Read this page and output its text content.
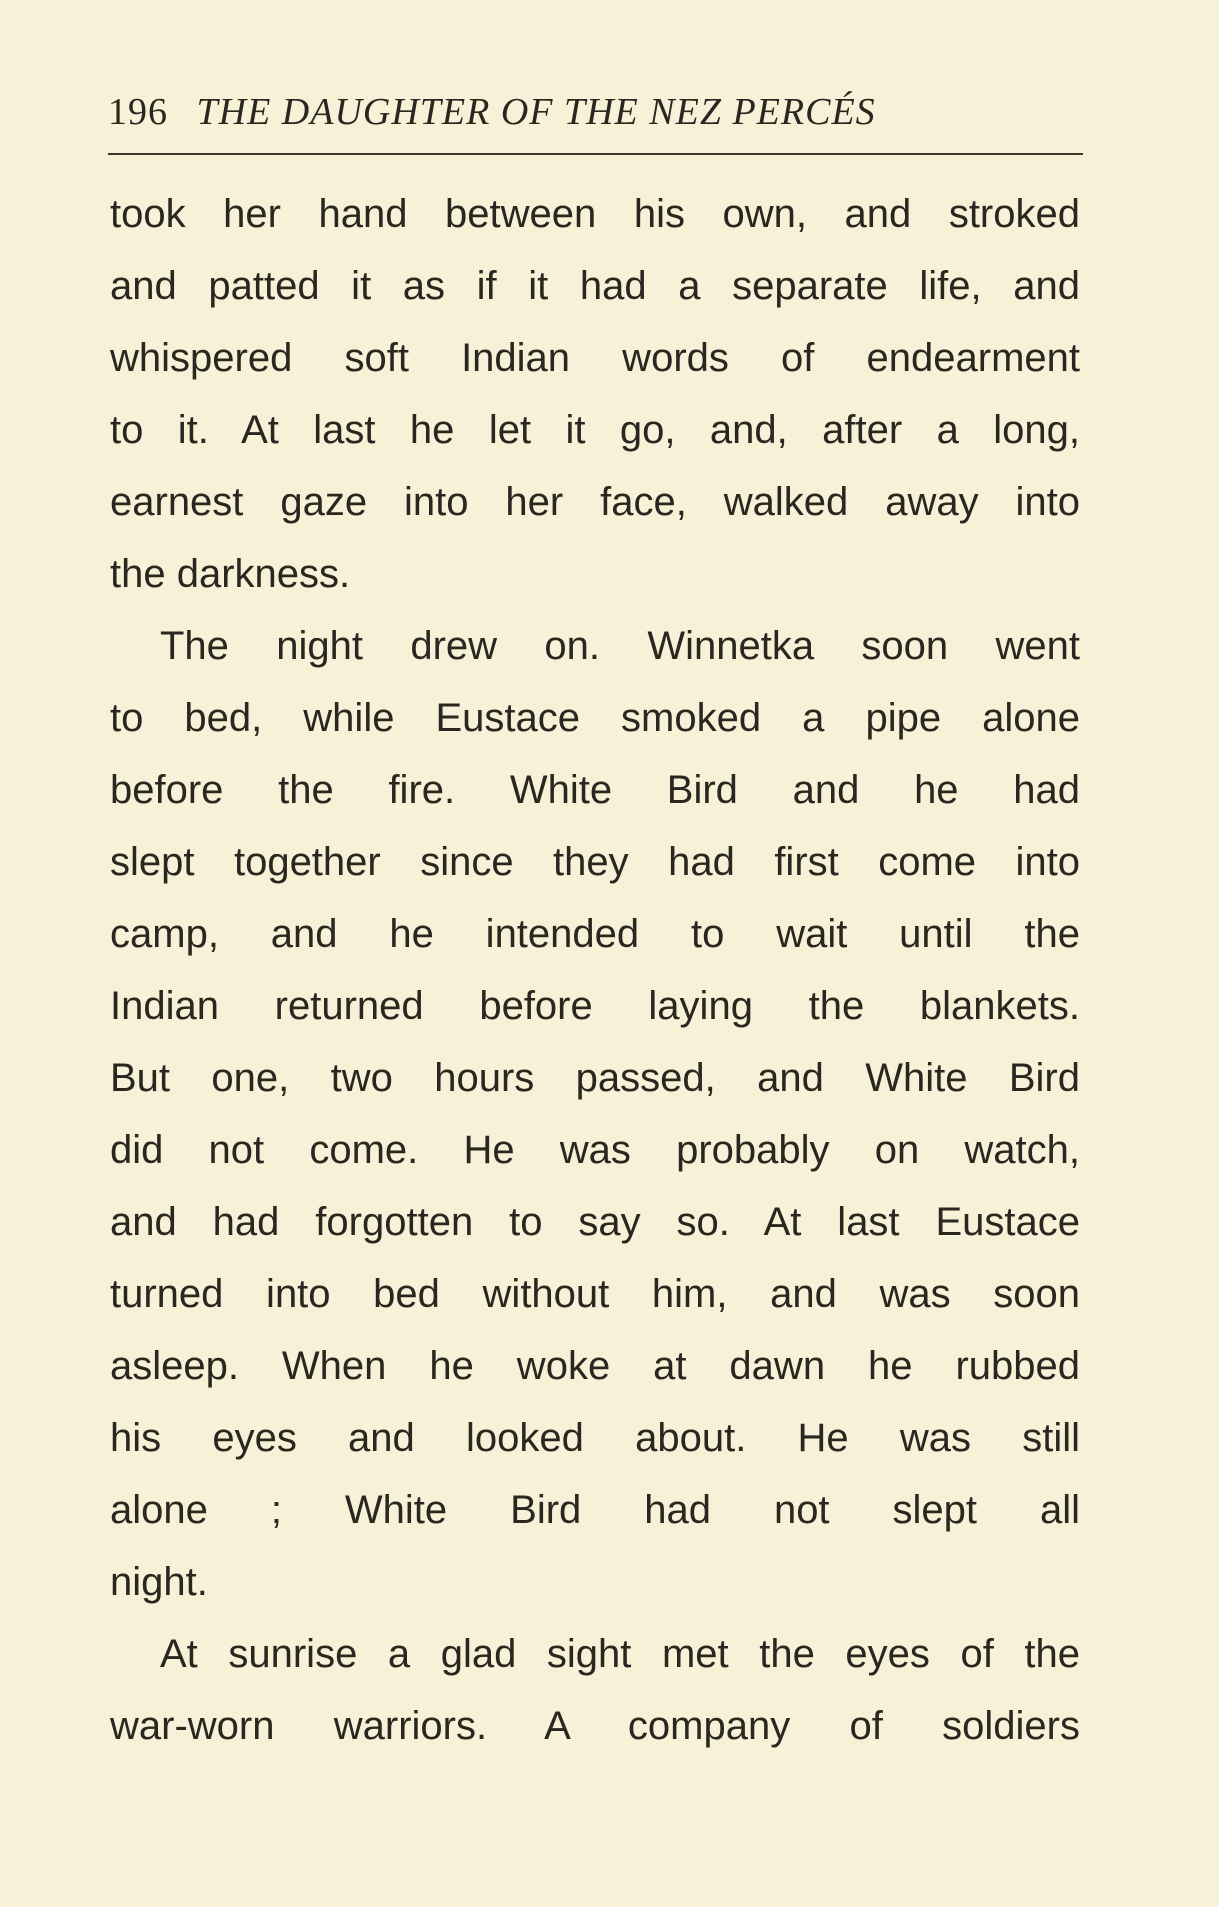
196 THE DAUGHTER OF THE NEZ PERCÉS
took her hand between his own, and stroked
and patted it as if it had a separate life, and
whispered soft Indian words of endearment
to it. At last he let it go, and, after a long,
earnest gaze into her face, walked away into
the darkness.
The night drew on. Winnetka soon went
to bed, while Eustace smoked a pipe alone
before the fire. White Bird and he had
slept together since they had first come into
camp, and he intended to wait until the
Indian returned before laying the blankets.
But one, two hours passed, and White Bird
did not come. He was probably on watch,
and had forgotten to say so. At last Eustace
turned into bed without him, and was soon
asleep. When he woke at dawn he rubbed
his eyes and looked about. He was still
alone ; White Bird had not slept all
night.
At sunrise a glad sight met the eyes of the
war-worn warriors. A company of soldiers
